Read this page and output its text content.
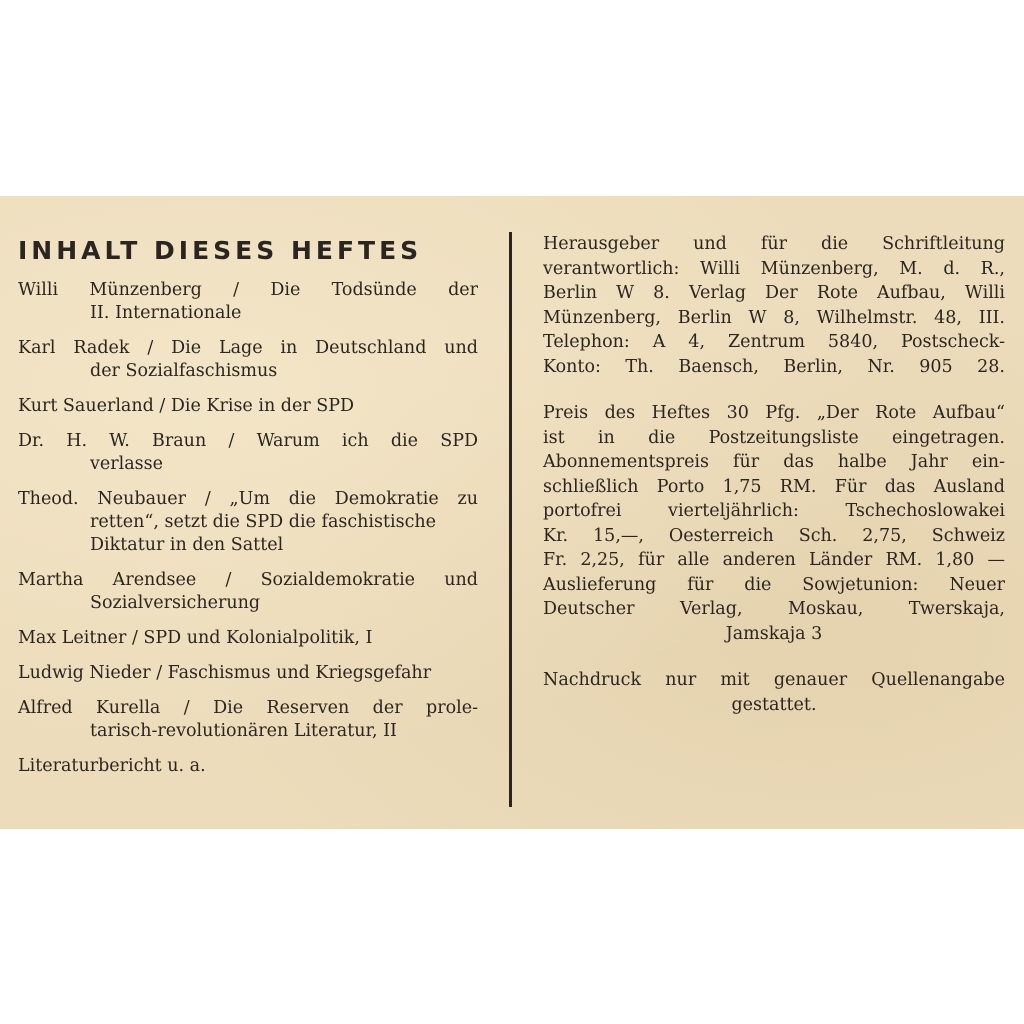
INHALT DIESES HEFTES
Willi Münzenberg / Die Todsünde der
II. Internationale
Karl Radek / Die Lage in Deutschland und
der Sozialfaschismus
Kurt Sauerland / Die Krise in der SPD
Dr. H. W. Braun / Warum ich die SPD
verlasse
Theod. Neubauer / „Um die Demokratie zu
retten“, setzt die SPD die faschistische
Diktatur in den Sattel
Martha Arendsee / Sozialdemokratie und
Sozialversicherung
Max Leitner / SPD und Kolonialpolitik, I
Ludwig Nieder / Faschismus und Kriegsgefahr
Alfred Kurella / Die Reserven der prole-
tarisch-revolutionären Literatur, II
Literaturbericht u. a.
Herausgeber und für die Schriftleitung
verantwortlich: Willi Münzenberg, M. d. R.,
Berlin W 8. Verlag Der Rote Aufbau, Willi
Münzenberg, Berlin W 8, Wilhelmstr. 48, III.
Telephon: A 4, Zentrum 5840, Postscheck-
Konto: Th. Baensch, Berlin, Nr. 905 28.
Preis des Heftes 30 Pfg. „Der Rote Aufbau“
ist in die Postzeitungsliste eingetragen.
Abonnementspreis für das halbe Jahr ein-
schließlich Porto 1,75 RM. Für das Ausland
portofrei vierteljährlich: Tschechoslowakei
Kr. 15,—, Oesterreich Sch. 2,75, Schweiz
Fr. 2,25, für alle anderen Länder RM. 1,80 —
Auslieferung für die Sowjetunion: Neuer
Deutscher Verlag, Moskau, Twerskaja,
Jamskaja 3
Nachdruck nur mit genauer Quellenangabe
gestattet.
